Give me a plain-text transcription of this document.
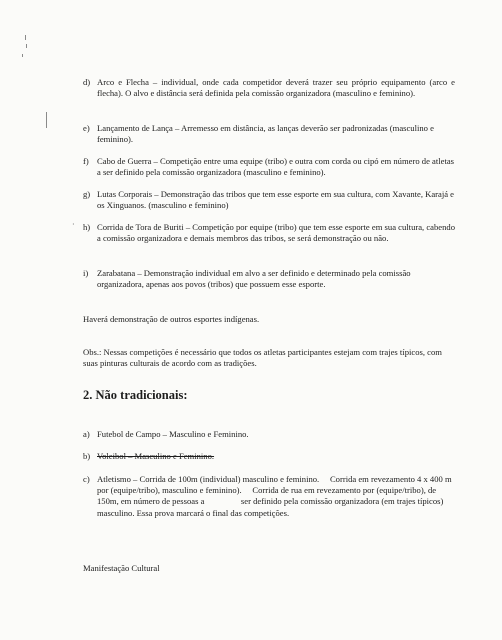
d) Arco e Flecha – individual, onde cada competidor deverá trazer seu próprio equipamento (arco e flecha). O alvo e distância será definida pela comissão organizadora (masculino e feminino).
e) Lançamento de Lança – Arremesso em distância, as lanças deverão ser padronizadas (masculino e feminino).
f) Cabo de Guerra – Competição entre uma equipe (tribo) e outra com corda ou cipó em número de atletas a ser definido pela comissão organizadora (masculino e feminino).
g) Lutas Corporais – Demonstração das tribos que tem esse esporte em sua cultura, com Xavante, Karajá e os Xinguanos. (masculino e feminino)
h) Corrida de Tora de Buriti – Competição por equipe (tribo) que tem esse esporte em sua cultura, cabendo a comissão organizadora e demais membros das tribos, se será demonstração ou não.
·
i) Zarabatana – Demonstração individual em alvo a ser definido e determinado pela comissão organizadora, apenas aos povos (tribos) que possuem esse esporte.
Haverá demonstração de outros esportes indígenas.
Obs.: Nessas competições é necessário que todos os atletas participantes estejam com trajes típicos, com suas pinturas culturais de acordo com as tradições.
2. Não tradicionais:
a) Futebol de Campo – Masculino e Feminino.
b) Voleibol – Masculino e Feminino.
c) Atletismo – Corrida de 100m (individual) masculino e feminino.     Corrida em revezamento 4 x 400 m por (equipe/tribo), masculino e feminino).     Corrida de rua em revezamento por (equipe/tribo), de 150m, em número de pessoas a                 ser definido pela comissão organizadora (em trajes típicos) masculino. Essa prova marcará o final das competições.
Manifestação Cultural
